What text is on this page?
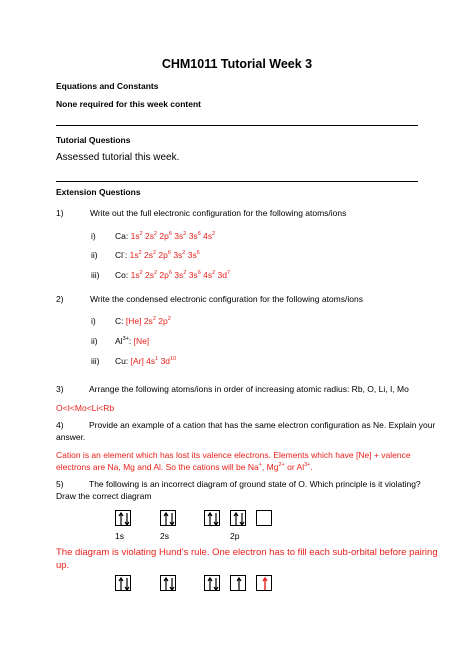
CHM1011 Tutorial Week 3
Equations and Constants
None required for this week content
Tutorial Questions
Assessed tutorial this week.
Extension Questions
1)	Write out the full electronic configuration for the following atoms/ions
i) Ca: $1s^2$ $2s^2$ $2p^6$ $3s^2$ $3s^6$ $4s^2$
ii) Cl-: $1s^2$ $2s^2$ $2p^6$ $3s^2$ $3s^6$
iii) Co: $1s^2$ $2s^2$ $2p^6$ $3s^2$ $3s^6$ $4s^2$ $3d^7$
2)	Write the condensed electronic configuration for the following atoms/ions
i) C: [He] $2s^2$ $2p^2$
ii) $Al^{3+}$: [Ne]
iii) Cu: [Ar] $4s^1$ $3d^{10}$
3)	Arrange the following atoms/ions in order of increasing atomic radius: Rb, O, Li, I, Mo
O<I<Mo<Li<Rb
4)	Provide an example of a cation that has the same electron configuration as Ne. Explain your
answer.
Cation is an element which has lost its valence electrons. Elements which have [Ne] + valence
electrons are Na, Mg and Al. So the cations will be Na+, $Mg^{2+}$ or $Al^{3+}$.
5)	The following is an incorrect diagram of ground state of O. Which principle is it violating?
Draw the correct diagram
1s	2s	2p
The diagram is violating Hund’s rule. One electron has to fill each sub-orbital before pairing
up.
